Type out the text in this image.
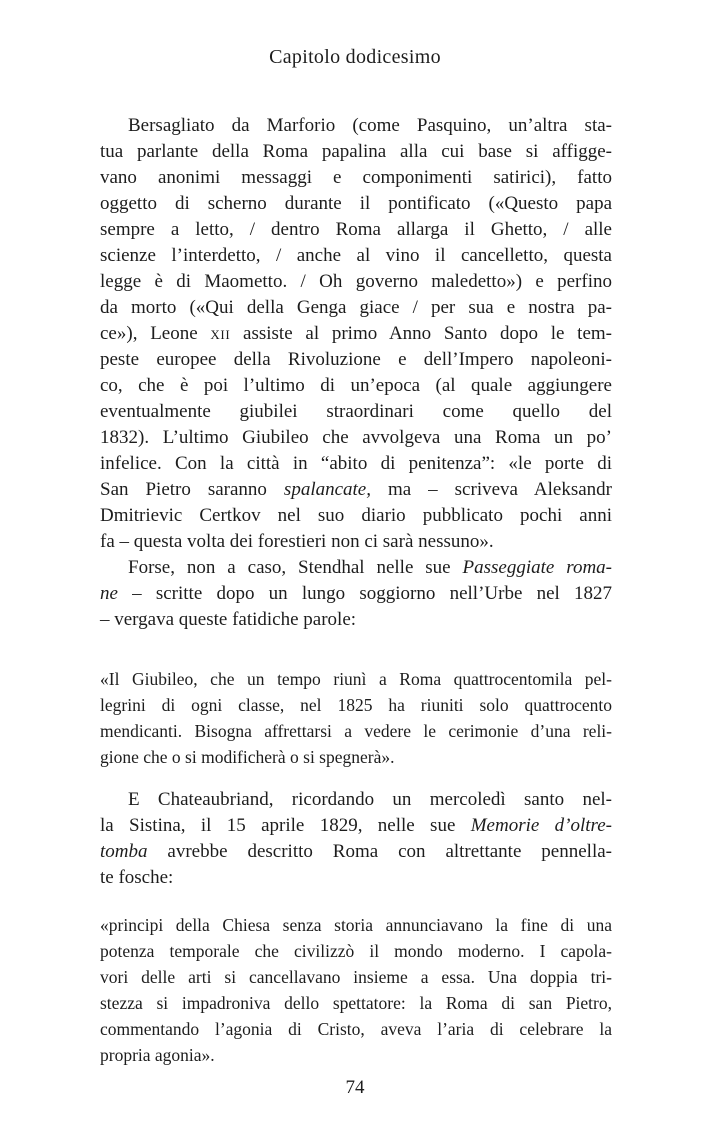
Capitolo dodicesimo
Bersagliato da Marforio (come Pasquino, un’altra sta-
tua parlante della Roma papalina alla cui base si affigge-
vano anonimi messaggi e componimenti satirici), fatto
oggetto di scherno durante il pontificato («Questo papa
sempre a letto, / dentro Roma allarga il Ghetto, / alle
scienze l’interdetto, / anche al vino il cancelletto, questa
legge è di Maometto. / Oh governo maledetto») e perfino
da morto («Qui della Genga giace / per sua e nostra pa-
ce»), Leone xii assiste al primo Anno Santo dopo le tem-
peste europee della Rivoluzione e dell’Impero napoleoni-
co, che è poi l’ultimo di un’epoca (al quale aggiungere
eventualmente giubilei straordinari come quello del
1832). L’ultimo Giubileo che avvolgeva una Roma un po’
infelice. Con la città in “abito di penitenza”: «le porte di
San Pietro saranno spalancate, ma – scriveva Aleksandr
Dmitrievic Certkov nel suo diario pubblicato pochi anni
fa – questa volta dei forestieri non ci sarà nessuno».
Forse, non a caso, Stendhal nelle sue Passeggiate roma-
ne – scritte dopo un lungo soggiorno nell’Urbe nel 1827
– vergava queste fatidiche parole:
«Il Giubileo, che un tempo riunì a Roma quattrocentomila pel-
legrini di ogni classe, nel 1825 ha riuniti solo quattrocento
mendicanti. Bisogna affrettarsi a vedere le cerimonie d’una reli-
gione che o si modificherà o si spegnerà».
E Chateaubriand, ricordando un mercoledì santo nel-
la Sistina, il 15 aprile 1829, nelle sue Memorie d’oltre-
tomba avrebbe descritto Roma con altrettante pennella-
te fosche:
«principi della Chiesa senza storia annunciavano la fine di una
potenza temporale che civilizzò il mondo moderno. I capola-
vori delle arti si cancellavano insieme a essa. Una doppia tri-
stezza si impadroniva dello spettatore: la Roma di san Pietro,
commentando l’agonia di Cristo, aveva l’aria di celebrare la
propria agonia».
74
